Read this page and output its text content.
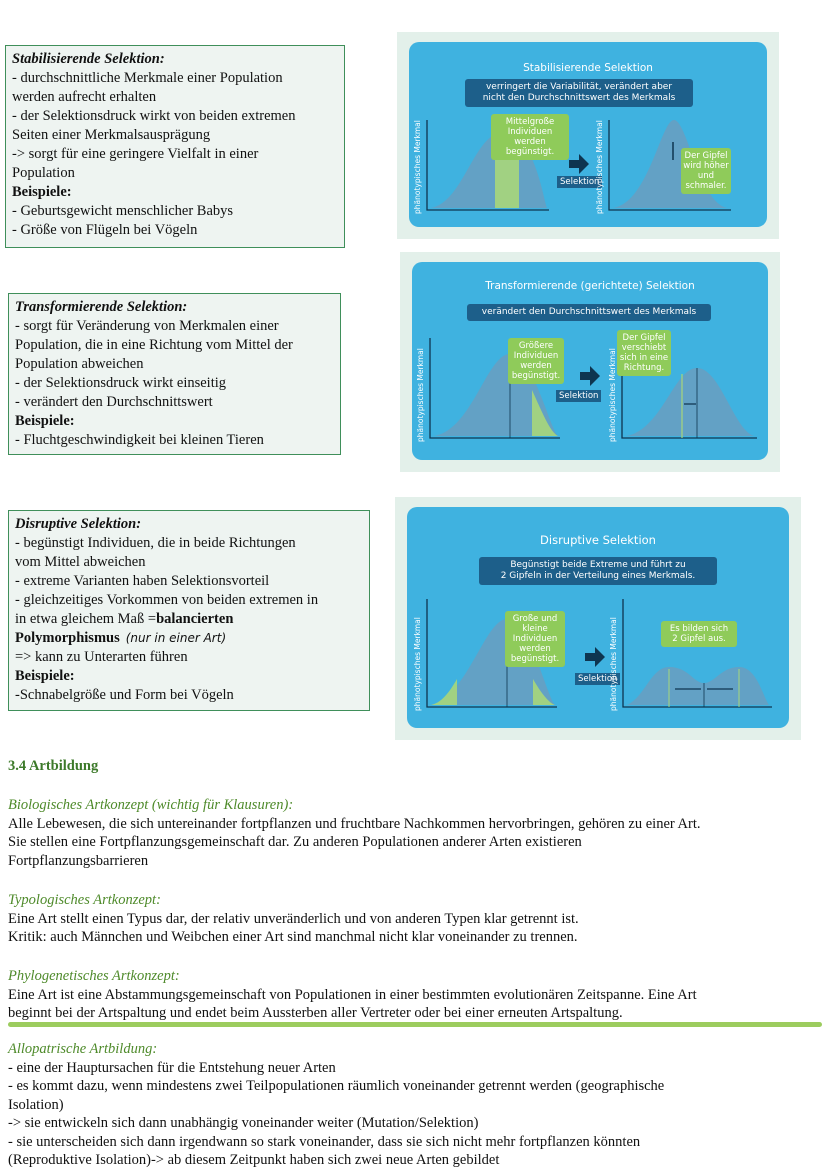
Stabilisierende Selektion:
- durchschnittliche Merkmale einer Population
werden aufrecht erhalten
- der Selektionsdruck wirkt von beiden extremen
Seiten einer Merkmalsausprägung
-> sorgt für eine geringere Vielfalt in einer
Population
Beispiele:
- Geburtsgewicht menschlicher Babys
- Größe von Flügeln bei Vögeln
Stabilisierende Selektion
verringert die Variabilität, verändert aber
nicht den Durchschnittswert des Merkmals
Mittelgroße Individuen
werden begünstigt.	Der Gipfel
wird höher
und
schmaler.
Selektion
phänotypisches Merkmal	phänotypisches Merkmal
Transformierende Selektion:
- sorgt für Veränderung von Merkmalen einer
Population, die in eine Richtung vom Mittel der
Population abweichen
- der Selektionsdruck wirkt einseitig
- verändert den Durchschnittswert
Beispiele:
- Fluchtgeschwindigkeit bei kleinen Tieren
Transformierende (gerichtete) Selektion
verändert den Durchschnittswert des Merkmals
Größere
Individuen
werden
begünstigt.
Der Gipfel
verschiebt
sich in eine
Richtung.
Selektion
phänotypisches Merkmal	phänotypisches Merkmal
Disruptive Selektion:
- begünstigt Individuen, die in beide Richtungen
vom Mittel abweichen
- extreme Varianten haben Selektionsvorteil
- gleichzeitiges Vorkommen von beiden extremen in
in etwa gleichem Maß =balancierten
Polymorphismus (nur in einer Art)
=> kann zu Unterarten führen
Beispiele:
-Schnabelgröße und Form bei Vögeln
Disruptive Selektion
Begünstigt beide Extreme und führt zu
2 Gipfeln in der Verteilung eines Merkmals.
Große und
kleine
Individuen
werden
begünstigt.
Es bilden sich
2 Gipfel aus.
Selektion
phänotypisches Merkmal	phänotypisches Merkmal
3.4 Artbildung
Biologisches Artkonzept (wichtig für Klausuren):
Alle Lebewesen, die sich untereinander fortpflanzen und fruchtbare Nachkommen hervorbringen, gehören zu einer Art.
Sie stellen eine Fortpflanzungsgemeinschaft dar. Zu anderen Populationen anderer Arten existieren
Fortpflanzungsbarrieren
Typologisches Artkonzept:
Eine Art stellt einen Typus dar, der relativ unveränderlich und von anderen Typen klar getrennt ist.
Kritik: auch Männchen und Weibchen einer Art sind manchmal nicht klar voneinander zu trennen.
Phylogenetisches Artkonzept:
Eine Art ist eine Abstammungsgemeinschaft von Populationen in einer bestimmten evolutionären Zeitspanne. Eine Art
beginnt bei der Artspaltung und endet beim Aussterben aller Vertreter oder bei einer erneuten Artspaltung.
Allopatrische Artbildung:
- eine der Hauptursachen für die Entstehung neuer Arten
- es kommt dazu, wenn mindestens zwei Teilpopulationen räumlich voneinander getrennt werden (geographische
Isolation)
-> sie entwickeln sich dann unabhängig voneinander weiter (Mutation/Selektion)
- sie unterscheiden sich dann irgendwann so stark voneinander, dass sie sich nicht mehr fortpflanzen könnten
(Reproduktive Isolation)-> ab diesem Zeitpunkt haben sich zwei neue Arten gebildet
